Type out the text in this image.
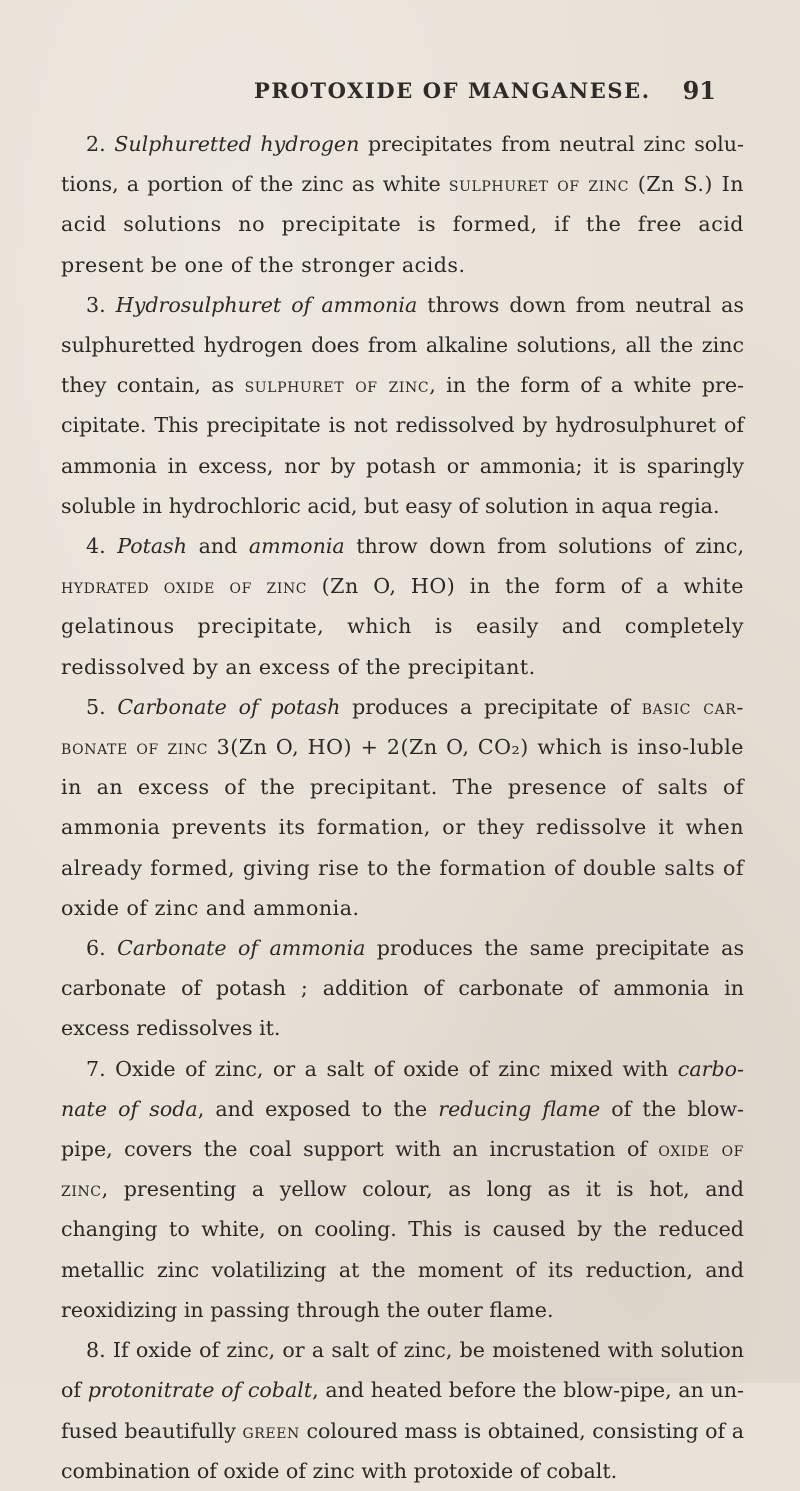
PROTOXIDE OF MANGANESE. 91

2. Sulphuretted hydrogen precipitates from neutral zinc solu-tions, a portion of the zinc as white sulphuret of zinc (Zn S.) In acid solutions no precipitate is formed, if the free acid present be one of the stronger acids.

3. Hydrosulphuret of ammonia throws down from neutral as sulphuretted hydrogen does from alkaline solutions, all the zinc they contain, as sulphuret of zinc, in the form of a white pre-cipitate. This precipitate is not redissolved by hydrosulphuret of ammonia in excess, nor by potash or ammonia; it is sparingly soluble in hydrochloric acid, but easy of solution in aqua regia.

4. Potash and ammonia throw down from solutions of zinc, hydrated oxide of zinc (Zn O, HO) in the form of a white gelatinous precipitate, which is easily and completely redissolved by an excess of the precipitant.

5. Carbonate of potash produces a precipitate of basic car-bonate of zinc 3(Zn O, HO) + 2(Zn O, CO₂) which is inso-luble in an excess of the precipitant. The presence of salts of ammonia prevents its formation, or they redissolve it when already formed, giving rise to the formation of double salts of oxide of zinc and ammonia.

6. Carbonate of ammonia produces the same precipitate as carbonate of potash ; addition of carbonate of ammonia in excess redissolves it.

7. Oxide of zinc, or a salt of oxide of zinc mixed with carbo-nate of soda, and exposed to the reducing flame of the blow-pipe, covers the coal support with an incrustation of oxide of zinc, presenting a yellow colour, as long as it is hot, and changing to white, on cooling. This is caused by the reduced metallic zinc volatilizing at the moment of its reduction, and reoxidizing in passing through the outer flame.

8. If oxide of zinc, or a salt of zinc, be moistened with solution of protonitrate of cobalt, and heated before the blow-pipe, an un-fused beautifully green coloured mass is obtained, consisting of a combination of oxide of zinc with protoxide of cobalt.
